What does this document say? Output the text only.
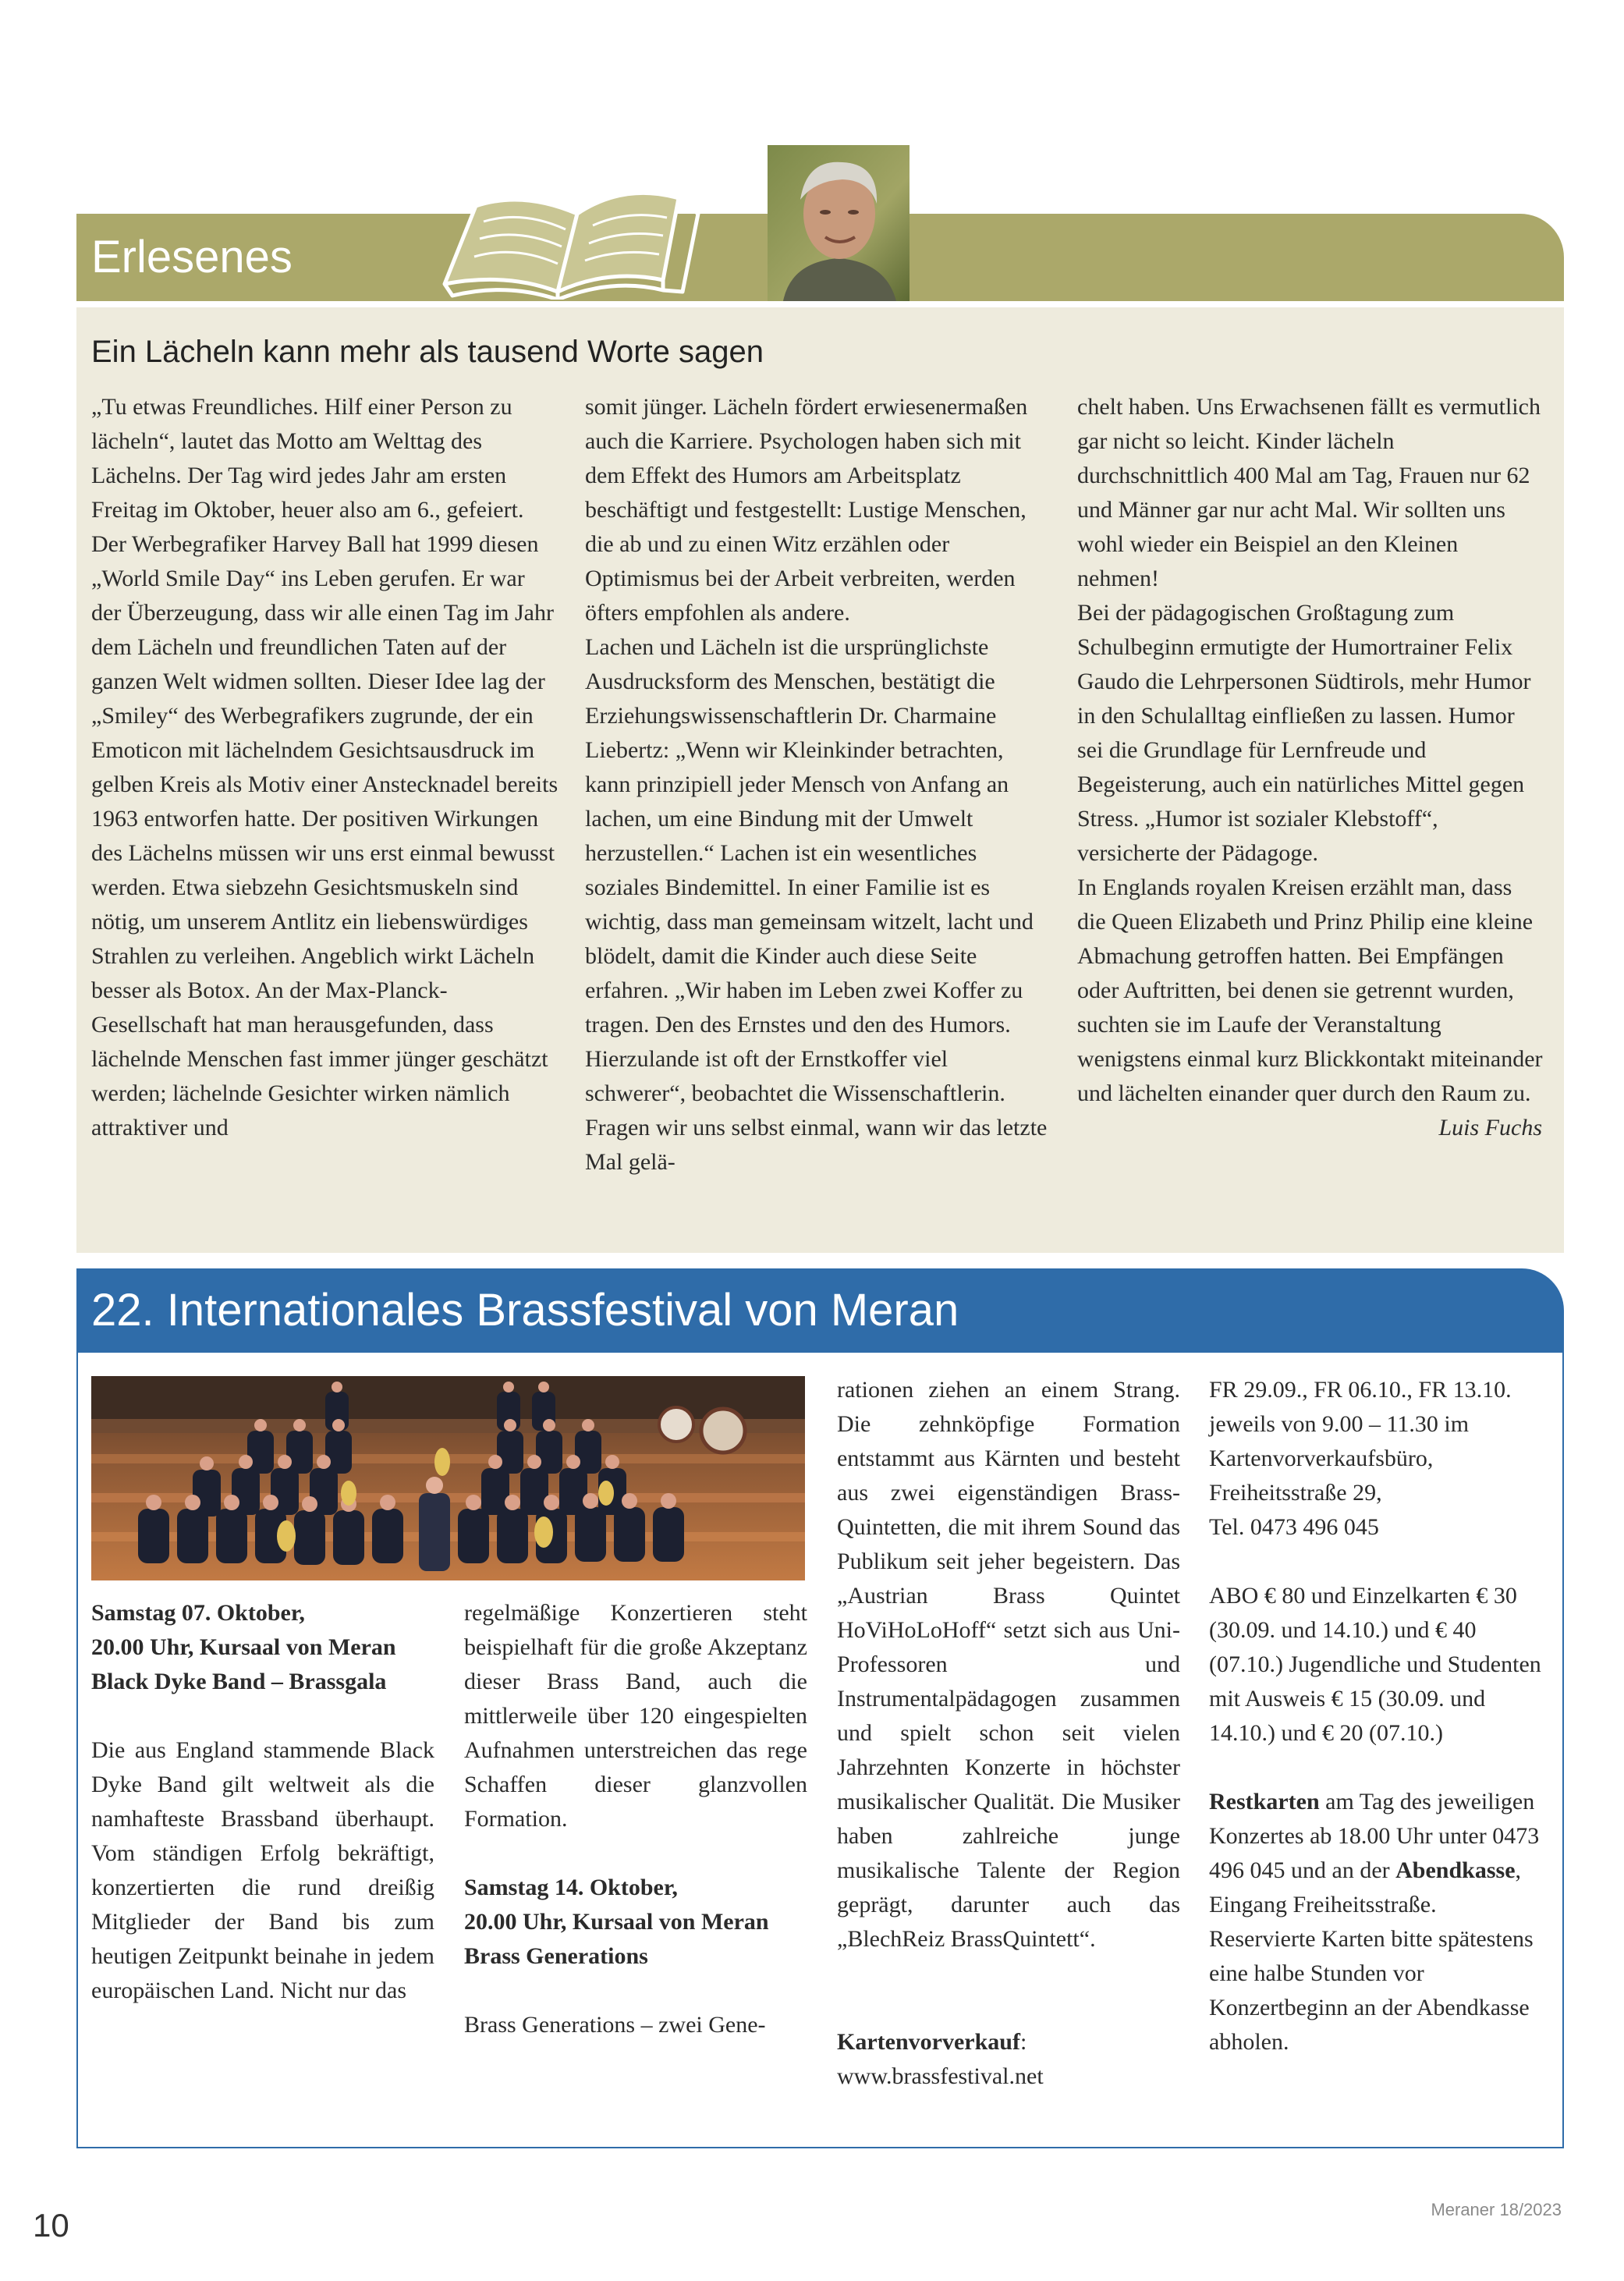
Erlesenes
Ein Lächeln kann mehr als tausend Worte sagen
„Tu etwas Freundliches. Hilf einer Person zu lächeln“, lautet das Motto am Welttag des Lächelns. Der Tag wird jedes Jahr am ersten Freitag im Oktober, heuer also am 6., gefeiert. Der Werbegrafiker Harvey Ball hat 1999 diesen „World Smile Day“ ins Leben gerufen. Er war der Überzeugung, dass wir alle einen Tag im Jahr dem Lächeln und freundlichen Taten auf der ganzen Welt widmen sollten. Dieser Idee lag der „Smiley“ des Werbegrafikers zugrunde, der ein Emoticon mit lächelndem Gesichtsausdruck im gelben Kreis als Motiv einer Anstecknadel bereits 1963 entworfen hatte. Der positiven Wirkungen des Lächelns müssen wir uns erst einmal bewusst werden. Etwa siebzehn Gesichtsmuskeln sind nötig, um unserem Antlitz ein liebenswürdiges Strahlen zu verleihen. Angeblich wirkt Lächeln besser als Botox. An der Max-Planck-Gesellschaft hat man herausgefunden, dass lächelnde Menschen fast immer jünger geschätzt werden; lächelnde Gesichter wirken nämlich attraktiver und
somit jünger. Lächeln fördert erwiesenermaßen auch die Karriere. Psychologen haben sich mit dem Effekt des Humors am Arbeitsplatz beschäftigt und festgestellt: Lustige Menschen, die ab und zu einen Witz erzählen oder Optimismus bei der Arbeit verbreiten, werden öfters empfohlen als andere.
Lachen und Lächeln ist die ursprünglichste Ausdrucksform des Menschen, bestätigt die Erziehungswissenschaftlerin Dr. Charmaine Liebertz: „Wenn wir Kleinkinder betrachten, kann prinzipiell jeder Mensch von Anfang an lachen, um eine Bindung mit der Umwelt herzustellen.“ Lachen ist ein wesentliches soziales Bindemittel. In einer Familie ist es wichtig, dass man gemeinsam witzelt, lacht und blödelt, damit die Kinder auch diese Seite erfahren. „Wir haben im Leben zwei Koffer zu tragen. Den des Ernstes und den des Humors. Hierzulande ist oft der Ernstkoffer viel schwerer“, beobachtet die Wissenschaftlerin. Fragen wir uns selbst einmal, wann wir das letzte Mal gelä-
chelt haben. Uns Erwachsenen fällt es vermutlich gar nicht so leicht. Kinder lächeln durchschnittlich 400 Mal am Tag, Frauen nur 62 und Männer gar nur acht Mal. Wir sollten uns wohl wieder ein Beispiel an den Kleinen nehmen!
Bei der pädagogischen Großtagung zum Schulbeginn ermutigte der Humortrainer Felix Gaudo die Lehrpersonen Südtirols, mehr Humor in den Schulalltag einfließen zu lassen. Humor sei die Grundlage für Lernfreude und Begeisterung, auch ein natürliches Mittel gegen Stress. „Humor ist sozialer Klebstoff“, versicherte der Pädagoge.
In Englands royalen Kreisen erzählt man, dass die Queen Elizabeth und Prinz Philip eine kleine Abmachung getroffen hatten. Bei Empfängen oder Auftritten, bei denen sie getrennt wurden, suchten sie im Laufe der Veranstaltung wenigstens einmal kurz Blickkontakt miteinander und lächelten einander quer durch den Raum zu.
Luis Fuchs
22. Internationales Brassfestival von Meran
Samstag 07. Oktober,
20.00 Uhr, Kursaal von Meran
Black Dyke Band – Brassgala
Die aus England stammende Black Dyke Band gilt weltweit als die namhafteste Brassband überhaupt. Vom ständigen Erfolg bekräftigt, konzertierten die rund dreißig Mitglieder der Band bis zum heutigen Zeitpunkt beinahe in jedem europäischen Land. Nicht nur das
regelmäßige Konzertieren steht beispielhaft für die große Akzeptanz dieser Brass Band, auch die mittlerweile über 120 eingespielten Aufnahmen unterstreichen das rege Schaffen dieser glanzvollen Formation.
Samstag 14. Oktober,
20.00 Uhr, Kursaal von Meran
Brass Generations
Brass Generations – zwei Gene-
rationen ziehen an einem Strang. Die zehnköpfige Formation entstammt aus Kärnten und besteht aus zwei eigenständigen Brass-Quintetten, die mit ihrem Sound das Publikum seit jeher begeistern. Das „Austrian Brass Quintet HoViHoLoHoff“ setzt sich aus Uni-Professoren und Instrumentalpädagogen zusammen und spielt schon seit vielen Jahrzehnten Konzerte in höchster musikalischer Qualität. Die Musiker haben zahlreiche junge musikalische Talente der Region geprägt, darunter auch das „BlechReiz BrassQuintett“.
Kartenvorverkauf:
www.brassfestival.net
FR 29.09., FR 06.10., FR 13.10.
jeweils von 9.00 – 11.30 im
Kartenvorverkaufsbüro,
Freiheitsstraße 29,
Tel. 0473 496 045
ABO € 80 und Einzelkarten € 30 (30.09. und 14.10.) und € 40 (07.10.) Jugendliche und Studenten mit Ausweis € 15 (30.09. und 14.10.) und € 20 (07.10.)
Restkarten am Tag des jeweiligen Konzertes ab 18.00 Uhr unter 0473 496 045 und an der Abendkasse, Eingang Freiheitsstraße.
Reservierte Karten bitte spätestens eine halbe Stunden vor Konzertbeginn an der Abendkasse abholen.
10	Meraner 18/2023
